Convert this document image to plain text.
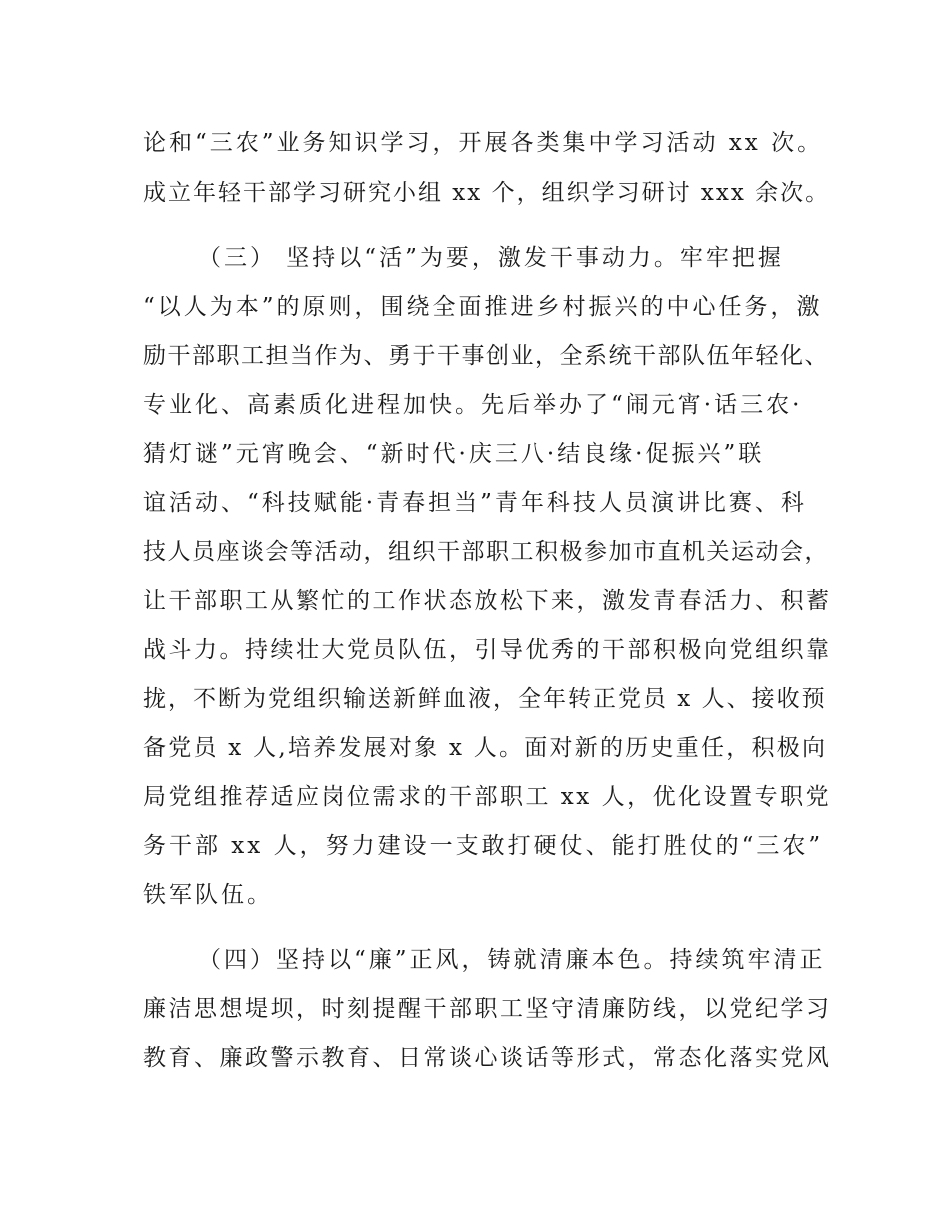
论和“三农”业务知识学习，开展各类集中学习活动 xx 次。
成立年轻干部学习研究小组 xx 个，组织学习研讨 xxx 余次。
（三） 坚持以“活”为要，激发干事动力。牢牢把握
“以人为本”的原则，围绕全面推进乡村振兴的中心任务，激
励干部职工担当作为、勇于干事创业，全系统干部队伍年轻化、
专业化、高素质化进程加快。先后举办了“闹元宵·话三农·
猜灯谜”元宵晚会、“新时代·庆三八·结良缘·促振兴”联
谊活动、“科技赋能·青春担当”青年科技人员演讲比赛、科
技人员座谈会等活动，组织干部职工积极参加市直机关运动会，
让干部职工从繁忙的工作状态放松下来，激发青春活力、积蓄
战斗力。持续壮大党员队伍，引导优秀的干部积极向党组织靠
拢，不断为党组织输送新鲜血液，全年转正党员 x 人、接收预
备党员 x 人,培养发展对象 x 人。面对新的历史重任，积极向
局党组推荐适应岗位需求的干部职工 xx 人，优化设置专职党
务干部 xx 人，努力建设一支敢打硬仗、能打胜仗的“三农”
铁军队伍。
（四）坚持以“廉”正风，铸就清廉本色。持续筑牢清正
廉洁思想堤坝，时刻提醒干部职工坚守清廉防线，以党纪学习
教育、廉政警示教育、日常谈心谈话等形式，常态化落实党风
